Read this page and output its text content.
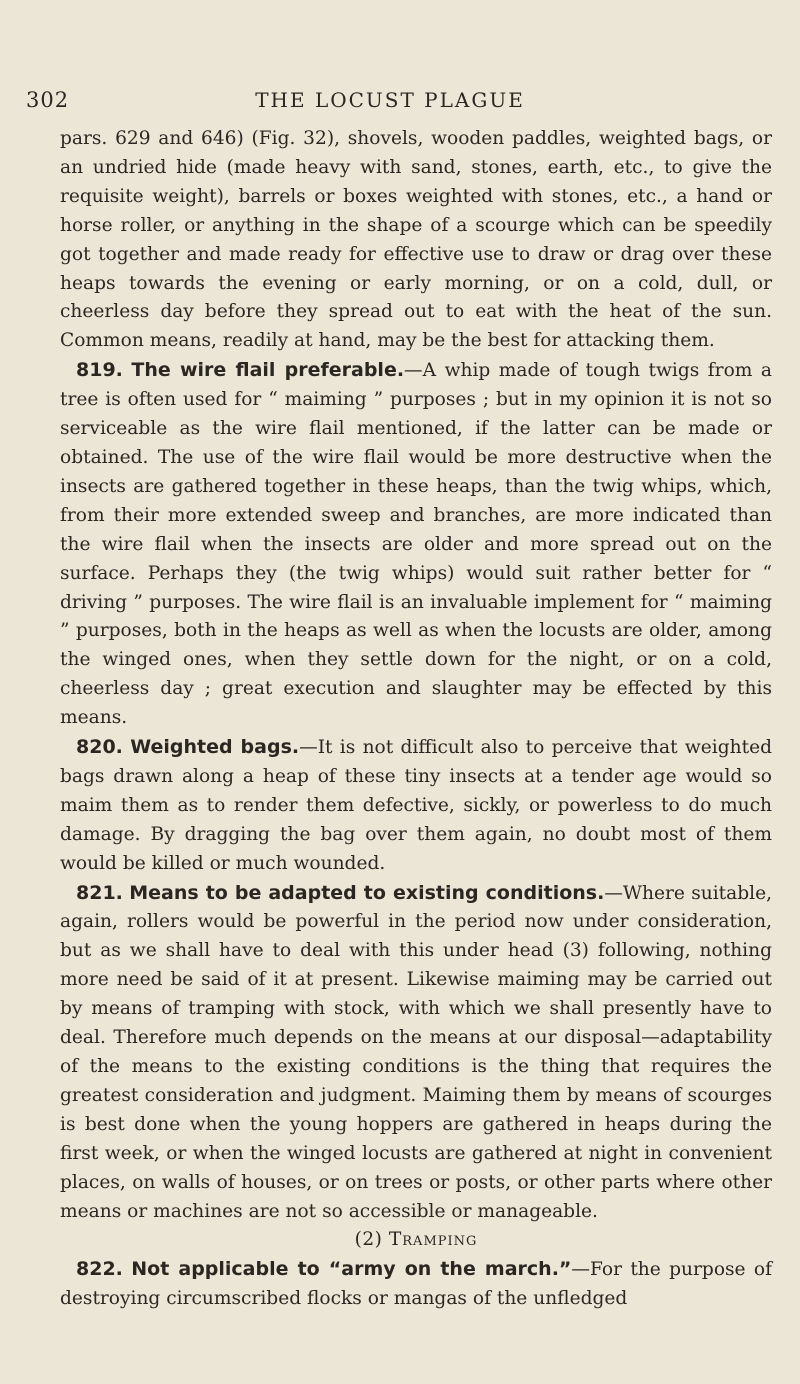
302	THE LOCUST PLAGUE

pars. 629 and 646) (Fig. 32), shovels, wooden paddles, weighted bags, or an undried hide (made heavy with sand, stones, earth, etc., to give the requisite weight), barrels or boxes weighted with stones, etc., a hand or horse roller, or anything in the shape of a scourge which can be speedily got together and made ready for effective use to draw or drag over these heaps towards the evening or early morning, or on a cold, dull, or cheerless day before they spread out to eat with the heat of the sun. Common means, readily at hand, may be the best for attacking them.

819. The wire flail preferable.—A whip made of tough twigs from a tree is often used for “ maiming ” purposes ; but in my opinion it is not so serviceable as the wire flail mentioned, if the latter can be made or obtained. The use of the wire flail would be more destructive when the insects are gathered together in these heaps, than the twig whips, which, from their more extended sweep and branches, are more indicated than the wire flail when the insects are older and more spread out on the surface. Perhaps they (the twig whips) would suit rather better for “ driving ” purposes. The wire flail is an invaluable implement for “ maiming ” purposes, both in the heaps as well as when the locusts are older, among the winged ones, when they settle down for the night, or on a cold, cheerless day ; great execution and slaughter may be effected by this means.

820. Weighted bags.—It is not difficult also to perceive that weighted bags drawn along a heap of these tiny insects at a tender age would so maim them as to render them defective, sickly, or powerless to do much damage. By dragging the bag over them again, no doubt most of them would be killed or much wounded.

821. Means to be adapted to existing conditions.—Where suitable, again, rollers would be powerful in the period now under consideration, but as we shall have to deal with this under head (3) following, nothing more need be said of it at present. Likewise maiming may be carried out by means of tramping with stock, with which we shall presently have to deal. Therefore much depends on the means at our disposal—adaptability of the means to the existing conditions is the thing that requires the greatest consideration and judgment. Maiming them by means of scourges is best done when the young hoppers are gathered in heaps during the first week, or when the winged locusts are gathered at night in convenient places, on walls of houses, or on trees or posts, or other parts where other means or machines are not so accessible or manageable.

(2) Tramping

822. Not applicable to “army on the march.”—For the purpose of destroying circumscribed flocks or mangas of the unfledged
